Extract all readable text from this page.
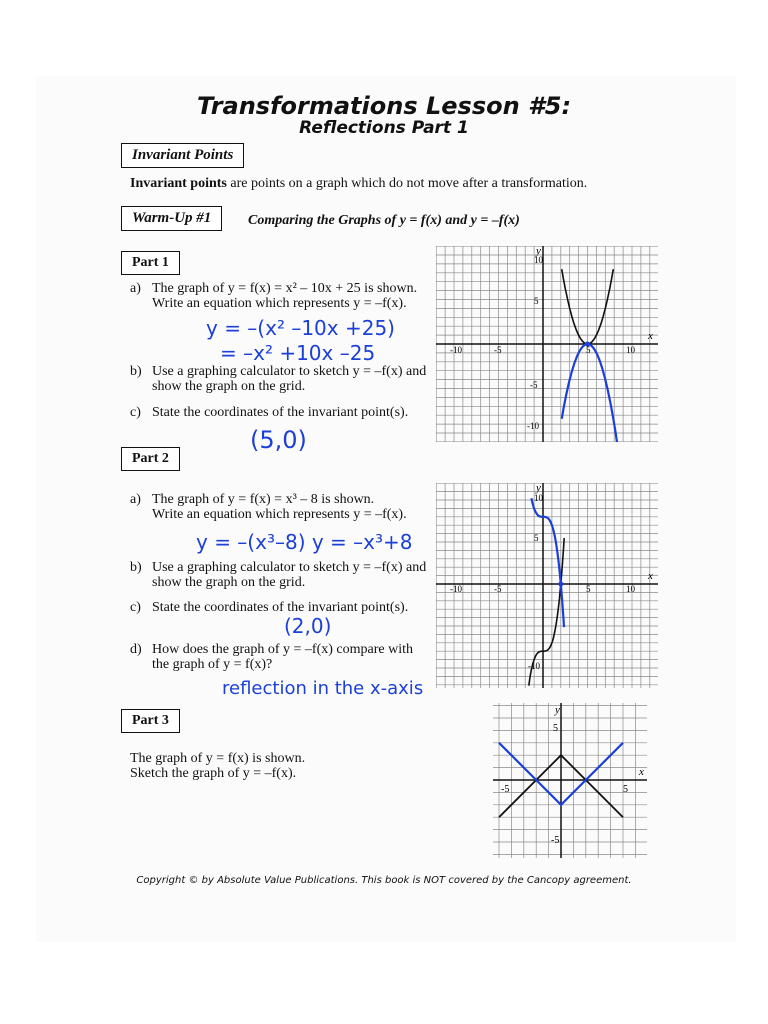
Transformations Lesson #5:
Reflections Part 1
Invariant Points
Invariant points are points on a graph which do not move after a transformation.
Warm-Up #1	Comparing the Graphs of y = f(x) and y = –f(x)
Part 1
a) The graph of y = f(x) = x² – 10x + 25 is shown.
Write an equation which represents y = –f(x).
y = –(x² –10x +25)
= –x² +10x –25
b) Use a graphing calculator to sketch y = –f(x) and
show the graph on the grid.
c) State the coordinates of the invariant point(s).
(5,0)
Part 2
a) The graph of y = f(x) = x³ – 8 is shown.
Write an equation which represents y = –f(x).
y = –(x³–8) y = –x³+8
b) Use a graphing calculator to sketch y = –f(x) and
show the graph on the grid.
c) State the coordinates of the invariant point(s).
(2,0)
d) How does the graph of y = –f(x) compare with
the graph of y = f(x)?
reflection in the x-axis
Part 3
The graph of y = f(x) is shown.
Sketch the graph of y = –f(x).
x
y
-10	-5	5	10
5
-5
-10
10
x
y
-10	-5	5	10
10
-10
5
x
y
-5	5
5
-5
Copyright © by Absolute Value Publications. This book is NOT covered by the Cancopy agreement.
